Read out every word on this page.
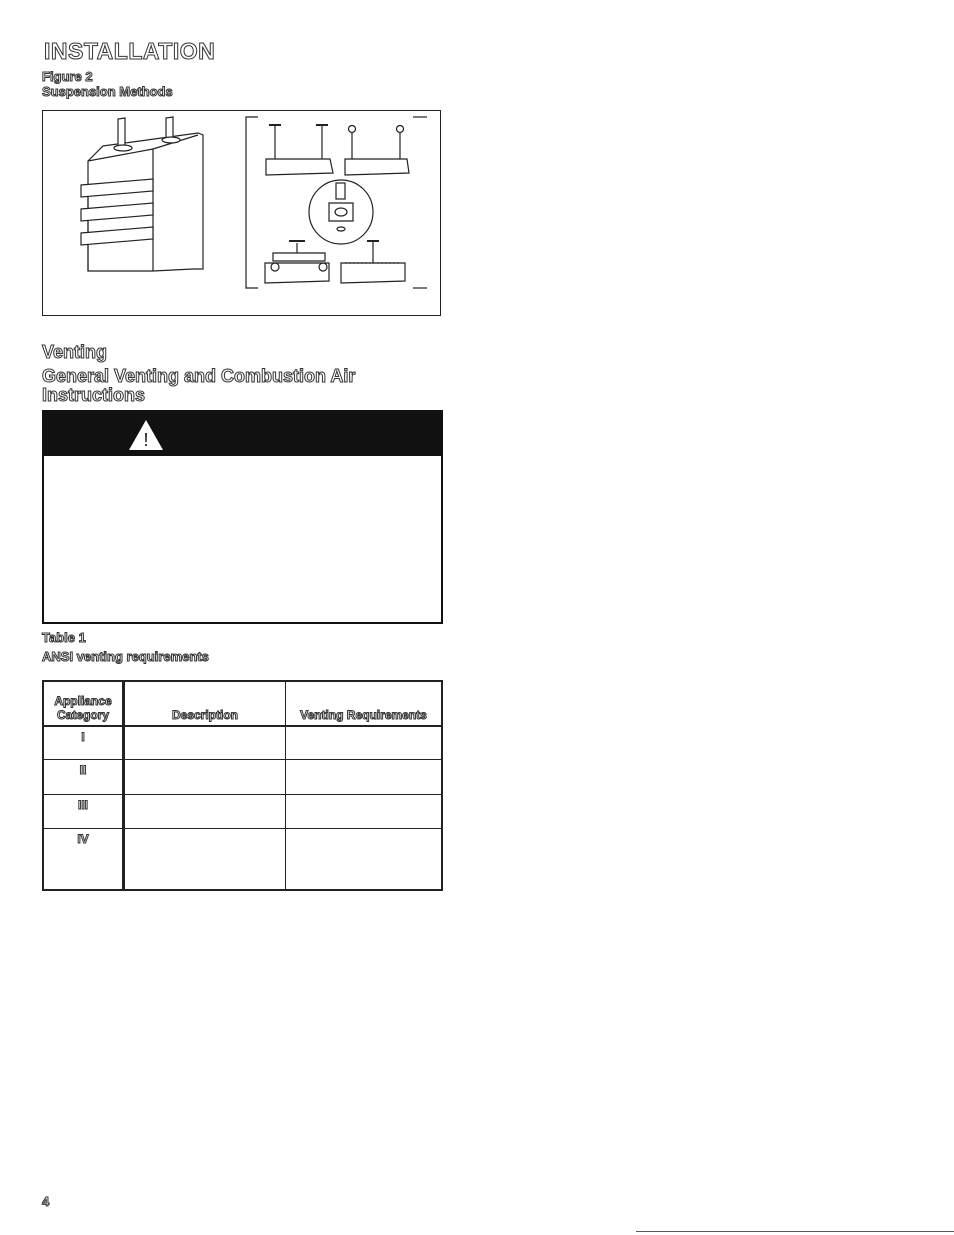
INSTALLATION
Figure 2
Suspension Methods
Venting
General Venting and Combustion Air Instructions
!
Table 1
ANSI venting requirements
Appliance Category	Description	Venting Requirements
I		
II		
III		
IV		
4
